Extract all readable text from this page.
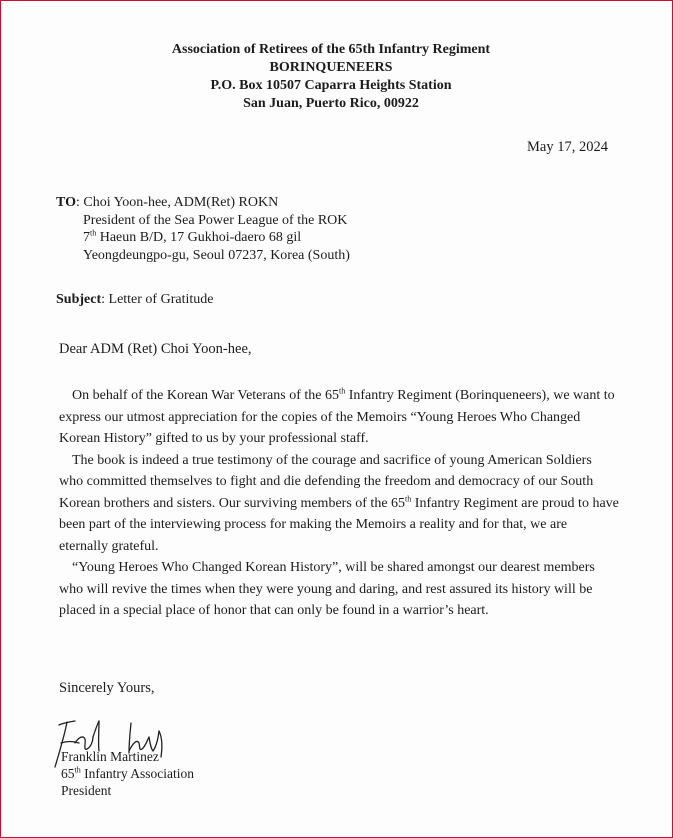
Association of Retirees of the 65th Infantry Regiment
BORINQUENEERS
P.O. Box 10507 Caparra Heights Station
San Juan, Puerto Rico, 00922
May 17, 2024
TO: Choi Yoon-hee, ADM(Ret) ROKN
President of the Sea Power League of the ROK
7th Haeun B/D, 17 Gukhoi-daero 68 gil
Yeongdeungpo-gu, Seoul 07237, Korea (South)
Subject: Letter of Gratitude
Dear ADM (Ret) Choi Yoon-hee,

On behalf of the Korean War Veterans of the 65th Infantry Regiment (Borinqueneers), we want to express our utmost appreciation for the copies of the Memoirs “Young Heroes Who Changed Korean History” gifted to us by your professional staff.

The book is indeed a true testimony of the courage and sacrifice of young American Soldiers who committed themselves to fight and die defending the freedom and democracy of our South Korean brothers and sisters. Our surviving members of the 65th Infantry Regiment are proud to have been part of the interviewing process for making the Memoirs a reality and for that, we are eternally grateful.

“Young Heroes Who Changed Korean History”, will be shared amongst our dearest members who will revive the times when they were young and daring, and rest assured its history will be placed in a special place of honor that can only be found in a warrior’s heart.

Sincerely Yours,
Franklin Martinez
65th Infantry Association
President
